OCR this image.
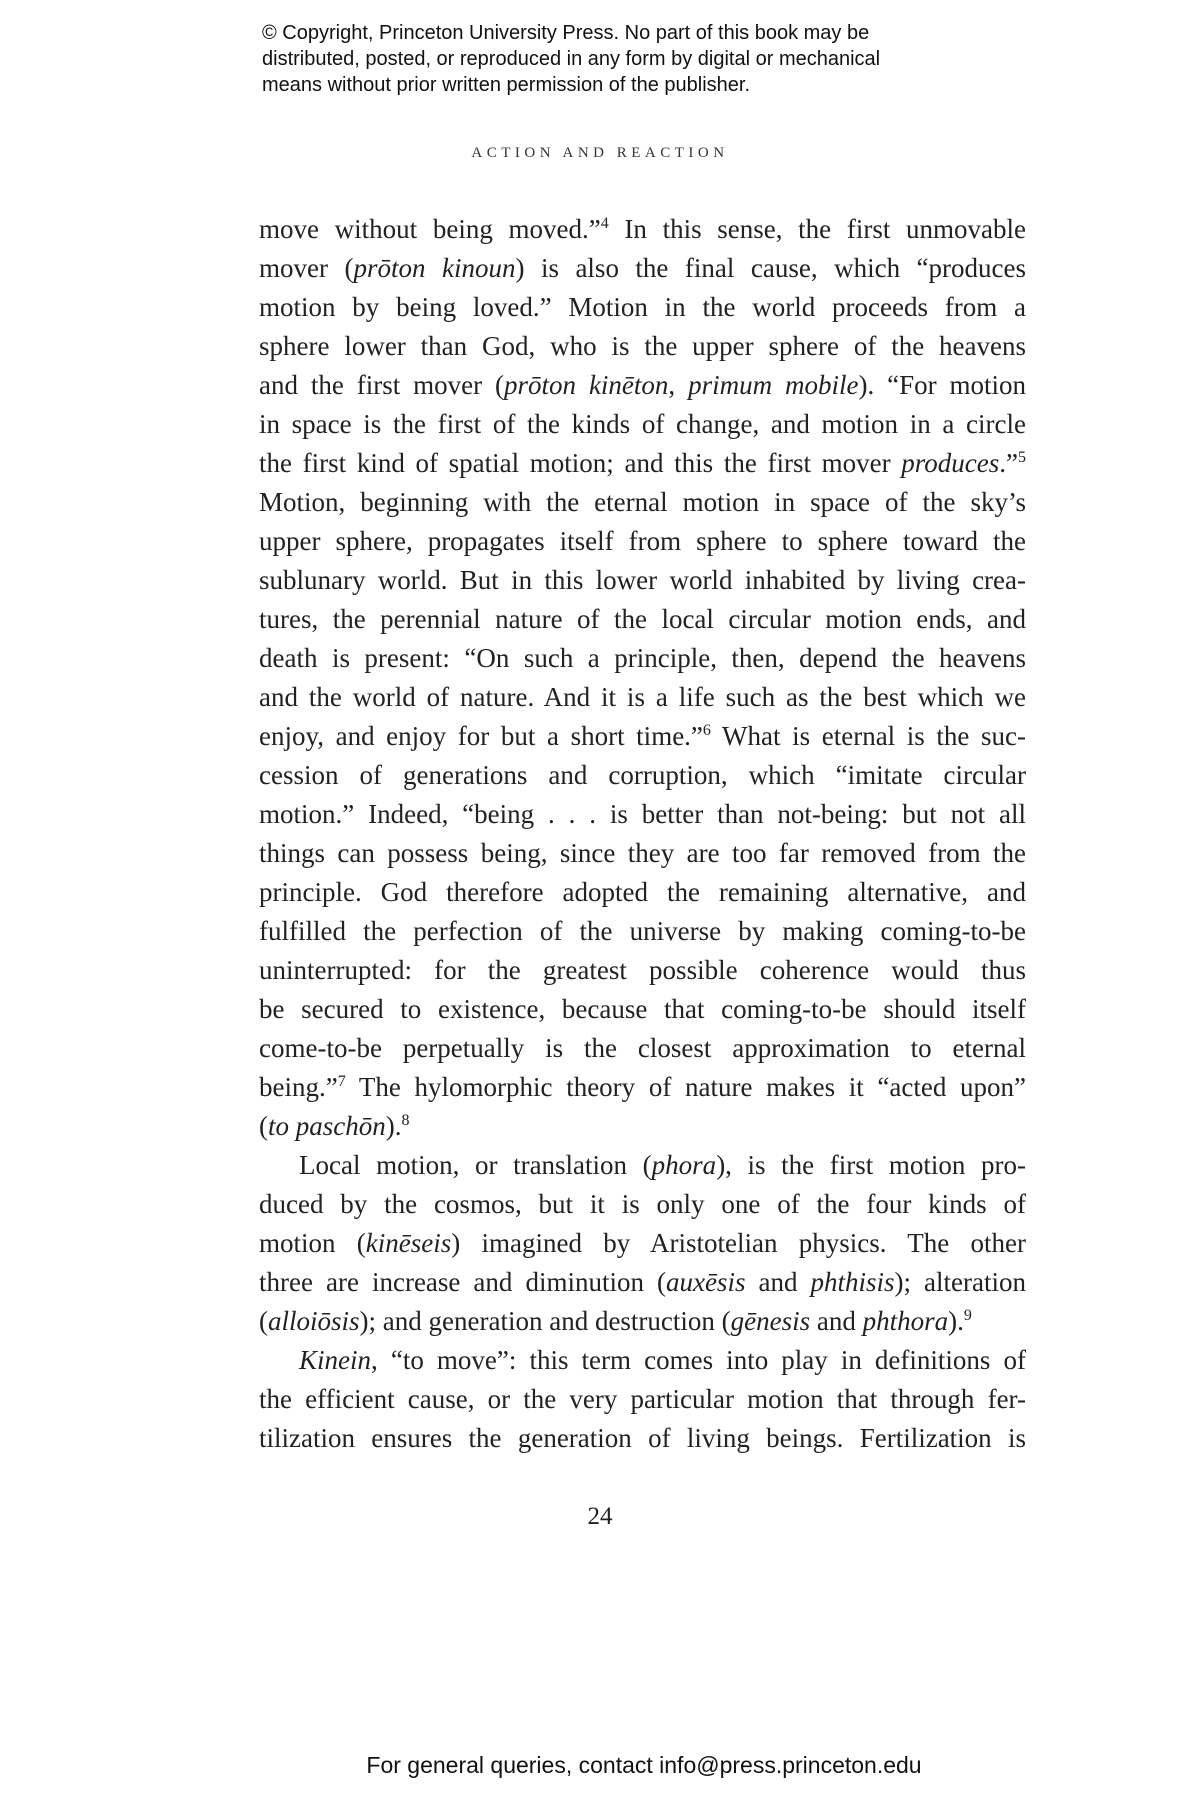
© Copyright, Princeton University Press. No part of this book may be
distributed, posted, or reproduced in any form by digital or mechanical
means without prior written permission of the publisher.
ACTION AND REACTION
move without being moved.”$^4$ In this sense, the first unmovable
mover (prōton kinoun) is also the final cause, which “produces
motion by being loved.” Motion in the world proceeds from a
sphere lower than God, who is the upper sphere of the heavens
and the first mover (prōton kinēton, primum mobile). “For motion
in space is the first of the kinds of change, and motion in a circle
the first kind of spatial motion; and this the first mover produces.”$^5$
Motion, beginning with the eternal motion in space of the sky’s
upper sphere, propagates itself from sphere to sphere toward the
sublunary world. But in this lower world inhabited by living crea-
tures, the perennial nature of the local circular motion ends, and
death is present: “On such a principle, then, depend the heavens
and the world of nature. And it is a life such as the best which we
enjoy, and enjoy for but a short time.”$^6$ What is eternal is the suc-
cession of generations and corruption, which “imitate circular
motion.” Indeed, “being . . . is better than not-being: but not all
things can possess being, since they are too far removed from the
principle. God therefore adopted the remaining alternative, and
fulfilled the perfection of the universe by making coming-to-be
uninterrupted: for the greatest possible coherence would thus
be secured to existence, because that coming-to-be should itself
come-to-be perpetually is the closest approximation to eternal
being.”$^7$ The hylomorphic theory of nature makes it “acted upon”
(to paschōn).$^8$
Local motion, or translation (phora), is the first motion pro-
duced by the cosmos, but it is only one of the four kinds of
motion (kinēseis) imagined by Aristotelian physics. The other
three are increase and diminution (auxēsis and phthisis); alteration
(alloiōsis); and generation and destruction (gēnesis and phthora).$^9$
Kinein, “to move”: this term comes into play in definitions of
the efficient cause, or the very particular motion that through fer-
tilization ensures the generation of living beings. Fertilization is
24
For general queries, contact info@press.princeton.edu
